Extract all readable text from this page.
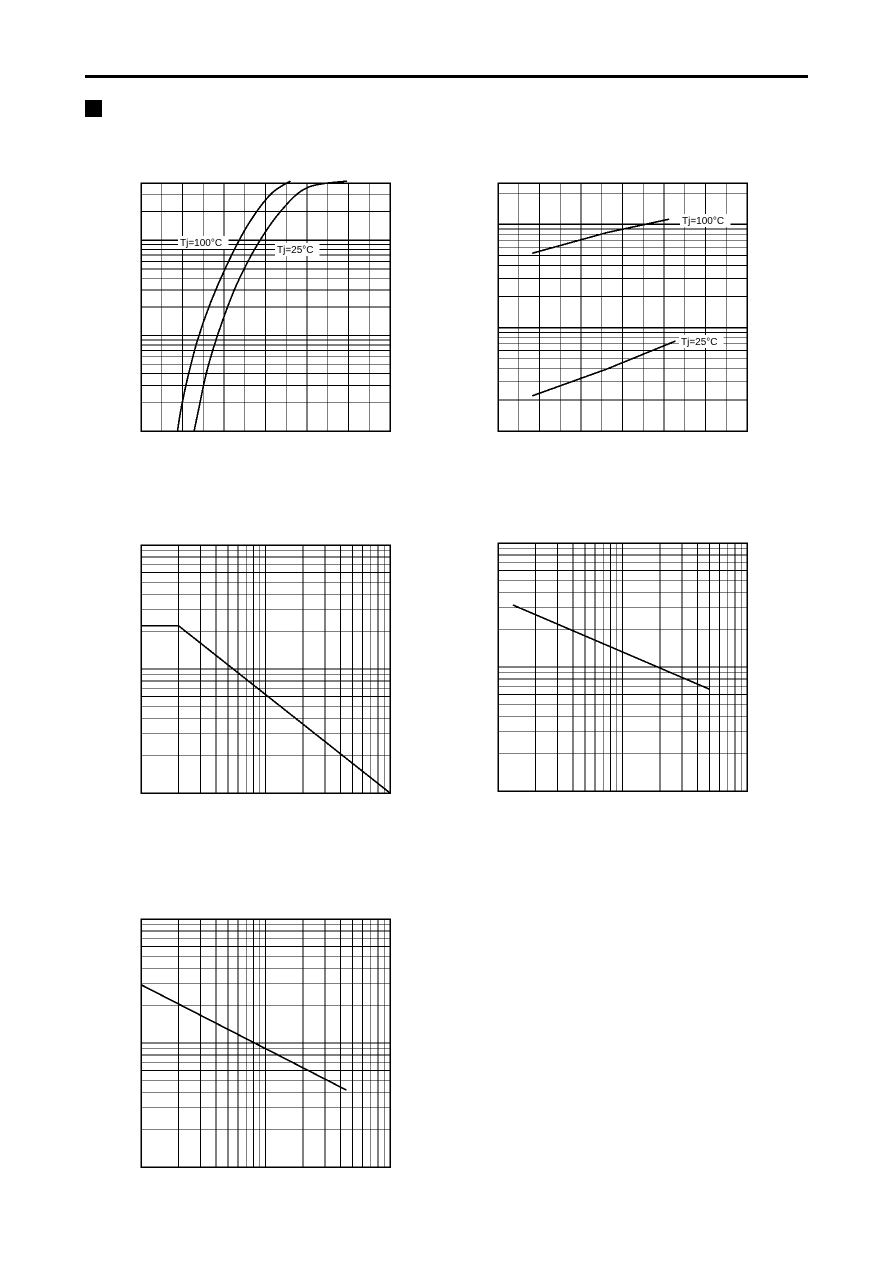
Tj=100°C
Tj=25°C
Tj=100°C
Tj=25°C
